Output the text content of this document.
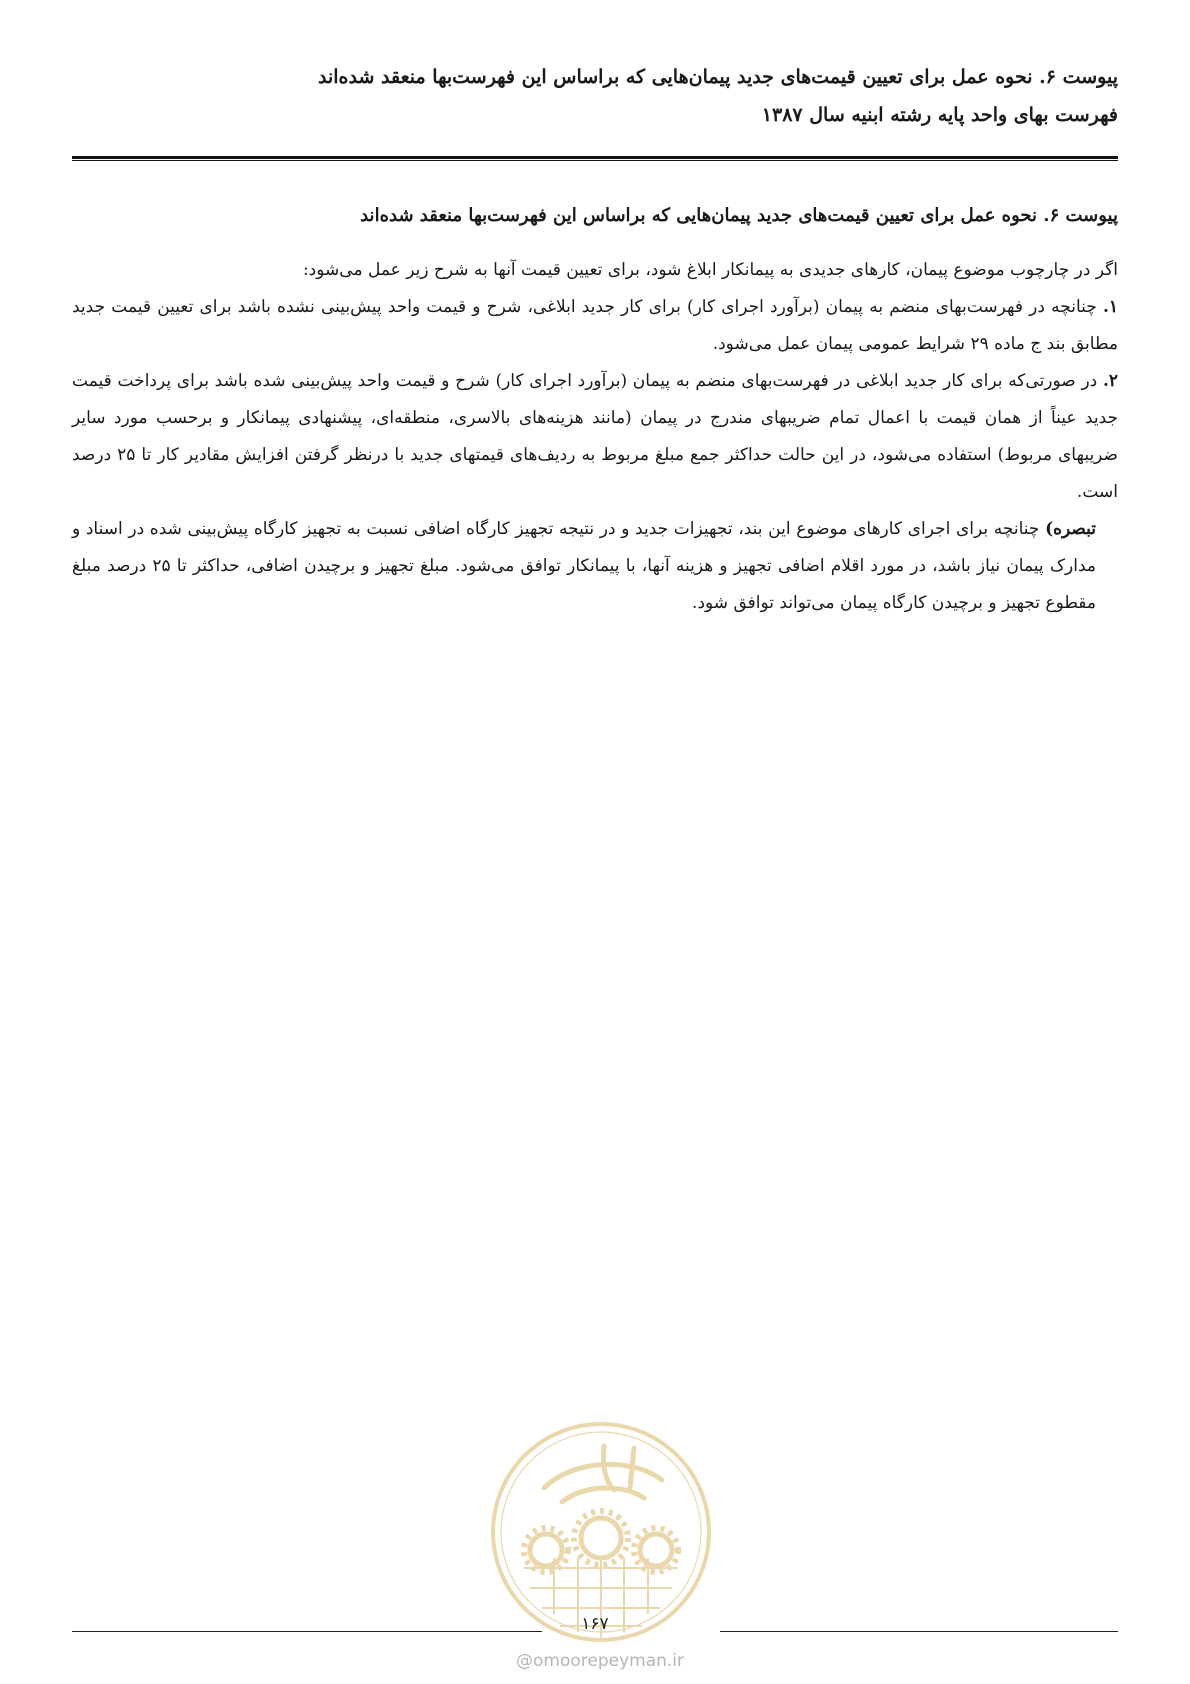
پیوست ۶. نحوه عمل برای تعیین قیمت‌های جدید پیمان‌هایی که براساس این فهرست‌بها منعقد شده‌اند

فهرست بهای واحد پایه رشته ابنیه سال ۱۳۸۷

پیوست ۶. نحوه عمل برای تعیین قیمت‌های جدید پیمان‌هایی که براساس این فهرست‌بها منعقد شده‌اند

اگر در چارچوب موضوع پیمان، کارهای جدیدی به پیمانکار ابلاغ شود، برای تعیین قیمت آنها به شرح زیر عمل می‌شود:

۱. چنانچه در فهرست‌بهای منضم به پیمان (برآورد اجرای کار) برای کار جدید ابلاغی، شرح و قیمت واحد پیش‌بینی نشده باشد برای تعیین قیمت جدید مطابق بند ج ماده ۲۹ شرایط عمومی پیمان عمل می‌شود.

۲. در صورتی‌که برای کار جدید ابلاغی در فهرست‌بهای منضم به پیمان (برآورد اجرای کار) شرح و قیمت واحد پیش‌بینی شده باشد برای پرداخت قیمت جدید عیناً از همان قیمت با اعمال تمام ضریبهای مندرج در پیمان (مانند هزینه‌های بالاسری، منطقه‌ای، پیشنهادی پیمانکار و برحسب مورد سایر ضریبهای مربوط) استفاده می‌شود، در این حالت حداکثر جمع مبلغ مربوط به ردیف‌های قیمتهای جدید با درنظر گرفتن افزایش مقادیر کار تا ۲۵ درصد است.

تبصره) چنانچه برای اجرای کارهای موضوع این بند، تجهیزات جدید و در نتیجه تجهیز کارگاه اضافی نسبت به تجهیز کارگاه پیش‌بینی شده در اسناد و مدارک پیمان نیاز باشد، در مورد اقلام اضافی تجهیز و هزینه آنها، با پیمانکار توافق می‌شود. مبلغ تجهیز و برچیدن اضافی، حداکثر تا ۲۵ درصد مبلغ مقطوع تجهیز و برچیدن کارگاه پیمان می‌تواند توافق شود.

۱۶۷
@omoorepeyman.ir
